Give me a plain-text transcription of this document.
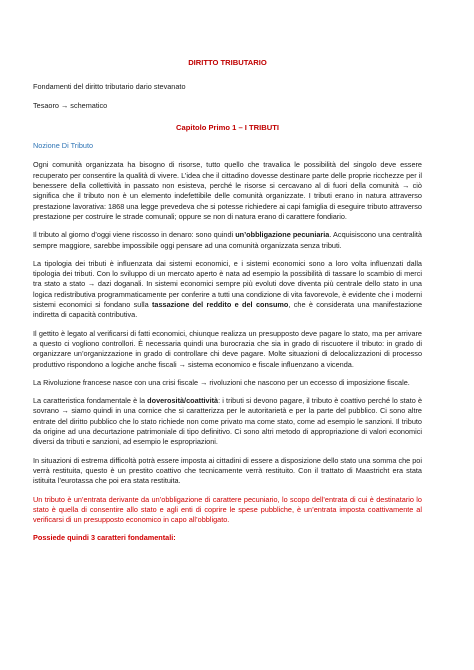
DIRITTO TRIBUTARIO
Fondamenti del diritto tributario dario stevanato
Tesaoro → schematico
Capitolo Primo 1 – I TRIBUTI
Nozione Di Tributo

Ogni comunità organizzata ha bisogno di risorse, tutto quello che travalica le possibilità del singolo deve essere recuperato per consentire la qualità di vivere. L’idea che il cittadino dovesse destinare parte delle proprie ricchezze per il benessere della collettività in passato non esisteva, perché le risorse si cercavano al di fuori della comunità → ciò significa che il tributo non è un elemento indefettibile delle comunità organizzate. I tributi erano in natura attraverso prestazione lavorativa: 1868 una legge prevedeva che si potesse richiedere ai capi famiglia di eseguire tributo attraverso prestazione per costruire le strade comunali; oppure se non di natura erano di carattere fondiario.

Il tributo al giorno d’oggi viene riscosso in denaro: sono quindi un’obbligazione pecuniaria. Acquisiscono una centralità sempre maggiore, sarebbe impossibile oggi pensare ad una comunità organizzata senza tributi.

La tipologia dei tributi è influenzata dai sistemi economici, e i sistemi economici sono a loro volta influenzati dalla tipologia dei tributi. Con lo sviluppo di un mercato aperto è nata ad esempio la possibilità di tassare lo scambio di merci tra stato a stato → dazi doganali. In sistemi economici sempre più evoluti dove diventa più centrale dello stato in una logica redistributiva programmaticamente per conferire a tutti una condizione di vita favorevole, è evidente che i moderni sistemi economici si fondano sulla tassazione del reddito e del consumo, che è considerata una manifestazione indiretta di capacità contributiva.

Il gettito è legato al verificarsi di fatti economici, chiunque realizza un presupposto deve pagare lo stato, ma per arrivare a questo ci vogliono controllori. È necessaria quindi una burocrazia che sia in grado di riscuotere il tributo: in grado di organizzare un’organizzazione in grado di controllare chi deve pagare. Molte situazioni di delocalizzazioni di processo produttivo rispondono a logiche anche fiscali → sistema economico e fiscale influenzano a vicenda.

La Rivoluzione francese nasce con una crisi fiscale → rivoluzioni che nascono per un eccesso di imposizione fiscale.

La caratteristica fondamentale è la doverosità/coattività: i tributi si devono pagare, il tributo è coattivo perché lo stato è sovrano → siamo quindi in una cornice che si caratterizza per le autoritarietà e per la parte del pubblico. Ci sono altre entrate del diritto pubblico che lo stato richiede non come privato ma come stato, come ad esempio le sanzioni. Il tributo da origine ad una decurtazione patrimoniale di tipo definitivo. Ci sono altri metodo di appropriazione di valori economici diversi da tributi e sanzioni, ad esempio le espropriazioni.

In situazioni di estrema difficoltà potrà essere imposta ai cittadini di essere a disposizione dello stato una somma che poi verrà restituita, questo è un prestito coattivo che tecnicamente verrà restituito. Con il trattato di Maastricht era stata istituita l’eurotassa che poi era stata restituita.

Un tributo è un’entrata derivante da un’obbligazione di carattere pecuniario, lo scopo dell’entrata di cui è destinatario lo stato è quella di consentire allo stato e agli enti di coprire le spese pubbliche, è un’entrata imposta coattivamente al verificarsi di un presupposto economico in capo all’obbligato.

Possiede quindi 3 caratteri fondamentali:
